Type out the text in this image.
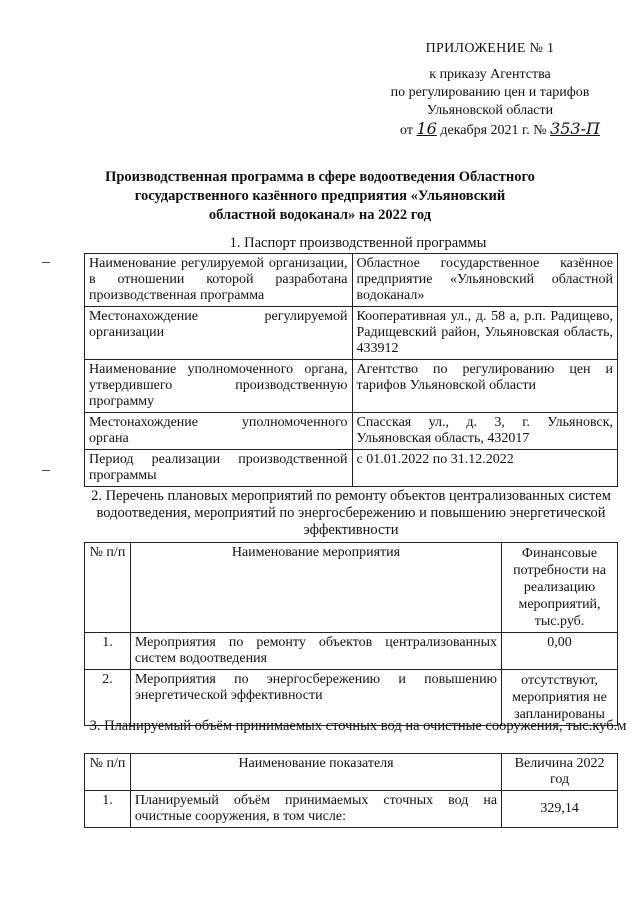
ПРИЛОЖЕНИЕ № 1
к приказу Агентства
по регулированию цен и тарифов
Ульяновской области
от 16 декабря 2021 г. № 353-П
Производственная программа в сфере водоотведения Областного государственного казённого предприятия «Ульяновский областной водоканал» на 2022 год
1. Паспорт производственной программы
Наименование регулируемой организации, в отношении которой разработана производственная программа	Областное государственное казённое предприятие «Ульяновский областной водоканал»
Местонахождение регулируемой организации	Кооперативная ул., д. 58 а, р.п. Радищево, Радищевский район, Ульяновская область, 433912
Наименование уполномоченного органа, утвердившего производственную программу	Агентство по регулированию цен и тарифов Ульяновской области
Местонахождение уполномоченного органа	Спасская ул., д. 3, г. Ульяновск, Ульяновская область, 432017
Период реализации производственной программы	с 01.01.2022 по 31.12.2022
2. Перечень плановых мероприятий по ремонту объектов централизованных систем водоотведения, мероприятий по энергосбережению и повышению энергетической эффективности
№ п/п	Наименование мероприятия	Финансовые потребности на реализацию мероприятий, тыс.руб.
1.	Мероприятия по ремонту объектов централизованных систем водоотведения	0,00
2.	Мероприятия по энергосбережению и повышению энергетической эффективности	отсутствуют, мероприятия не запланированы
3. Планируемый объём принимаемых сточных вод на очистные сооружения, тыс.куб.м
№ п/п	Наименование показателя	Величина 2022 год
1.	Планируемый объём принимаемых сточных вод на очистные сооружения, в том числе:	329,14
